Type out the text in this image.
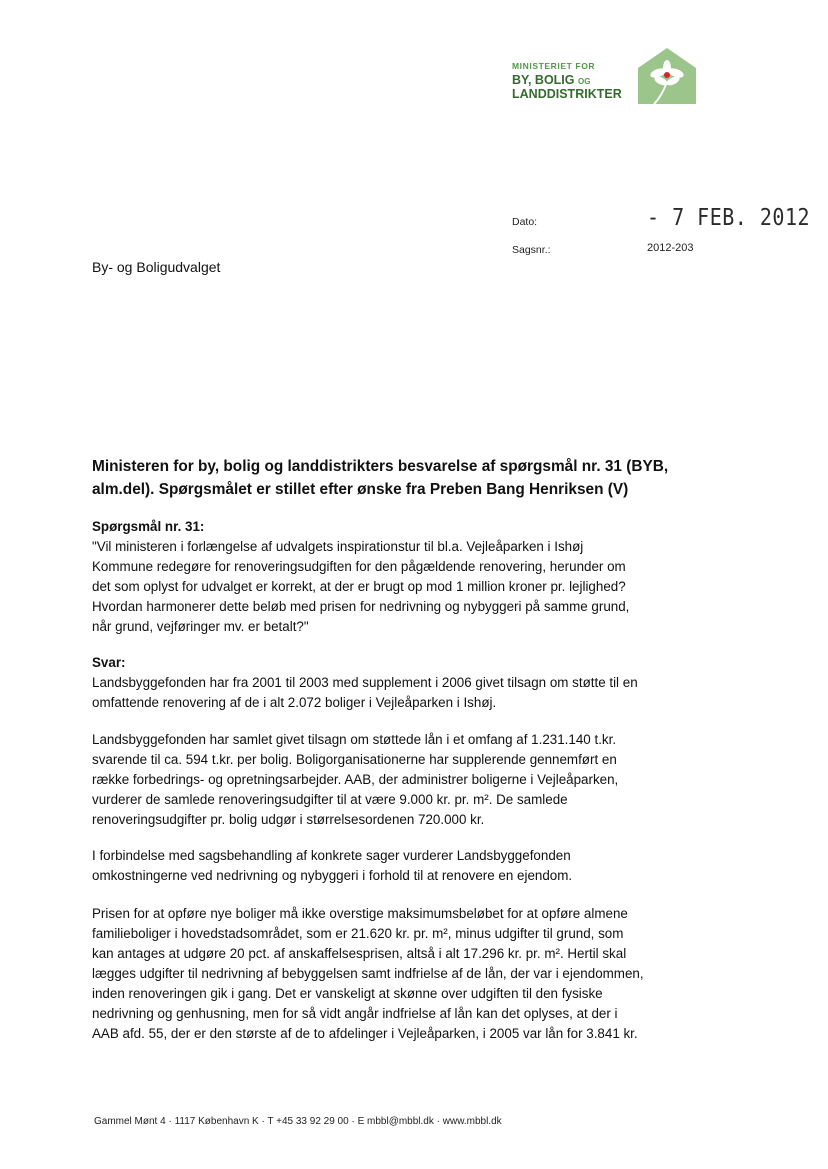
MINISTERIET FOR
BY, BOLIG OG
LANDDISTRIKTER
Dato:	- 7 FEB. 2012
Sagsnr.:	2012-203
By- og Boligudvalget
Ministeren for by, bolig og landdistrikters besvarelse af spørgsmål nr. 31 (BYB,
alm.del). Spørgsmålet er stillet efter ønske fra Preben Bang Henriksen (V)
Spørgsmål nr. 31:
"Vil ministeren i forlængelse af udvalgets inspirationstur til bl.a. Vejleåparken i Ishøj
Kommune redegøre for renoveringsudgiften for den pågældende renovering, herunder om
det som oplyst for udvalget er korrekt, at der er brugt op mod 1 million kroner pr. lejlighed?
Hvordan harmonerer dette beløb med prisen for nedrivning og nybyggeri på samme grund,
når grund, vejføringer mv. er betalt?"
Svar:
Landsbyggefonden har fra 2001 til 2003 med supplement i 2006 givet tilsagn om støtte til en
omfattende renovering af de i alt 2.072 boliger i Vejleåparken i Ishøj.
Landsbyggefonden har samlet givet tilsagn om støttede lån i et omfang af 1.231.140 t.kr.
svarende til ca. 594 t.kr. per bolig. Boligorganisationerne har supplerende gennemført en
række forbedrings- og opretningsarbejder. AAB, der administrer boligerne i Vejleåparken,
vurderer de samlede renoveringsudgifter til at være 9.000 kr. pr. m². De samlede
renoveringsudgifter pr. bolig udgør i størrelsesordenen 720.000 kr.
I forbindelse med sagsbehandling af konkrete sager vurderer Landsbyggefonden
omkostningerne ved nedrivning og nybyggeri i forhold til at renovere en ejendom.
Prisen for at opføre nye boliger må ikke overstige maksimumsbeløbet for at opføre almene
familieboliger i hovedstadsområdet, som er 21.620 kr. pr. m², minus udgifter til grund, som
kan antages at udgøre 20 pct. af anskaffelsesprisen, altså i alt 17.296 kr. pr. m². Hertil skal
lægges udgifter til nedrivning af bebyggelsen samt indfrielse af de lån, der var i ejendommen,
inden renoveringen gik i gang. Det er vanskeligt at skønne over udgiften til den fysiske
nedrivning og genhusning, men for så vidt angår indfrielse af lån kan det oplyses, at der i
AAB afd. 55, der er den største af de to afdelinger i Vejleåparken, i 2005 var lån for 3.841 kr.
Gammel Mønt 4 · 1117 København K · T +45 33 92 29 00 · E mbbl@mbbl.dk · www.mbbl.dk
